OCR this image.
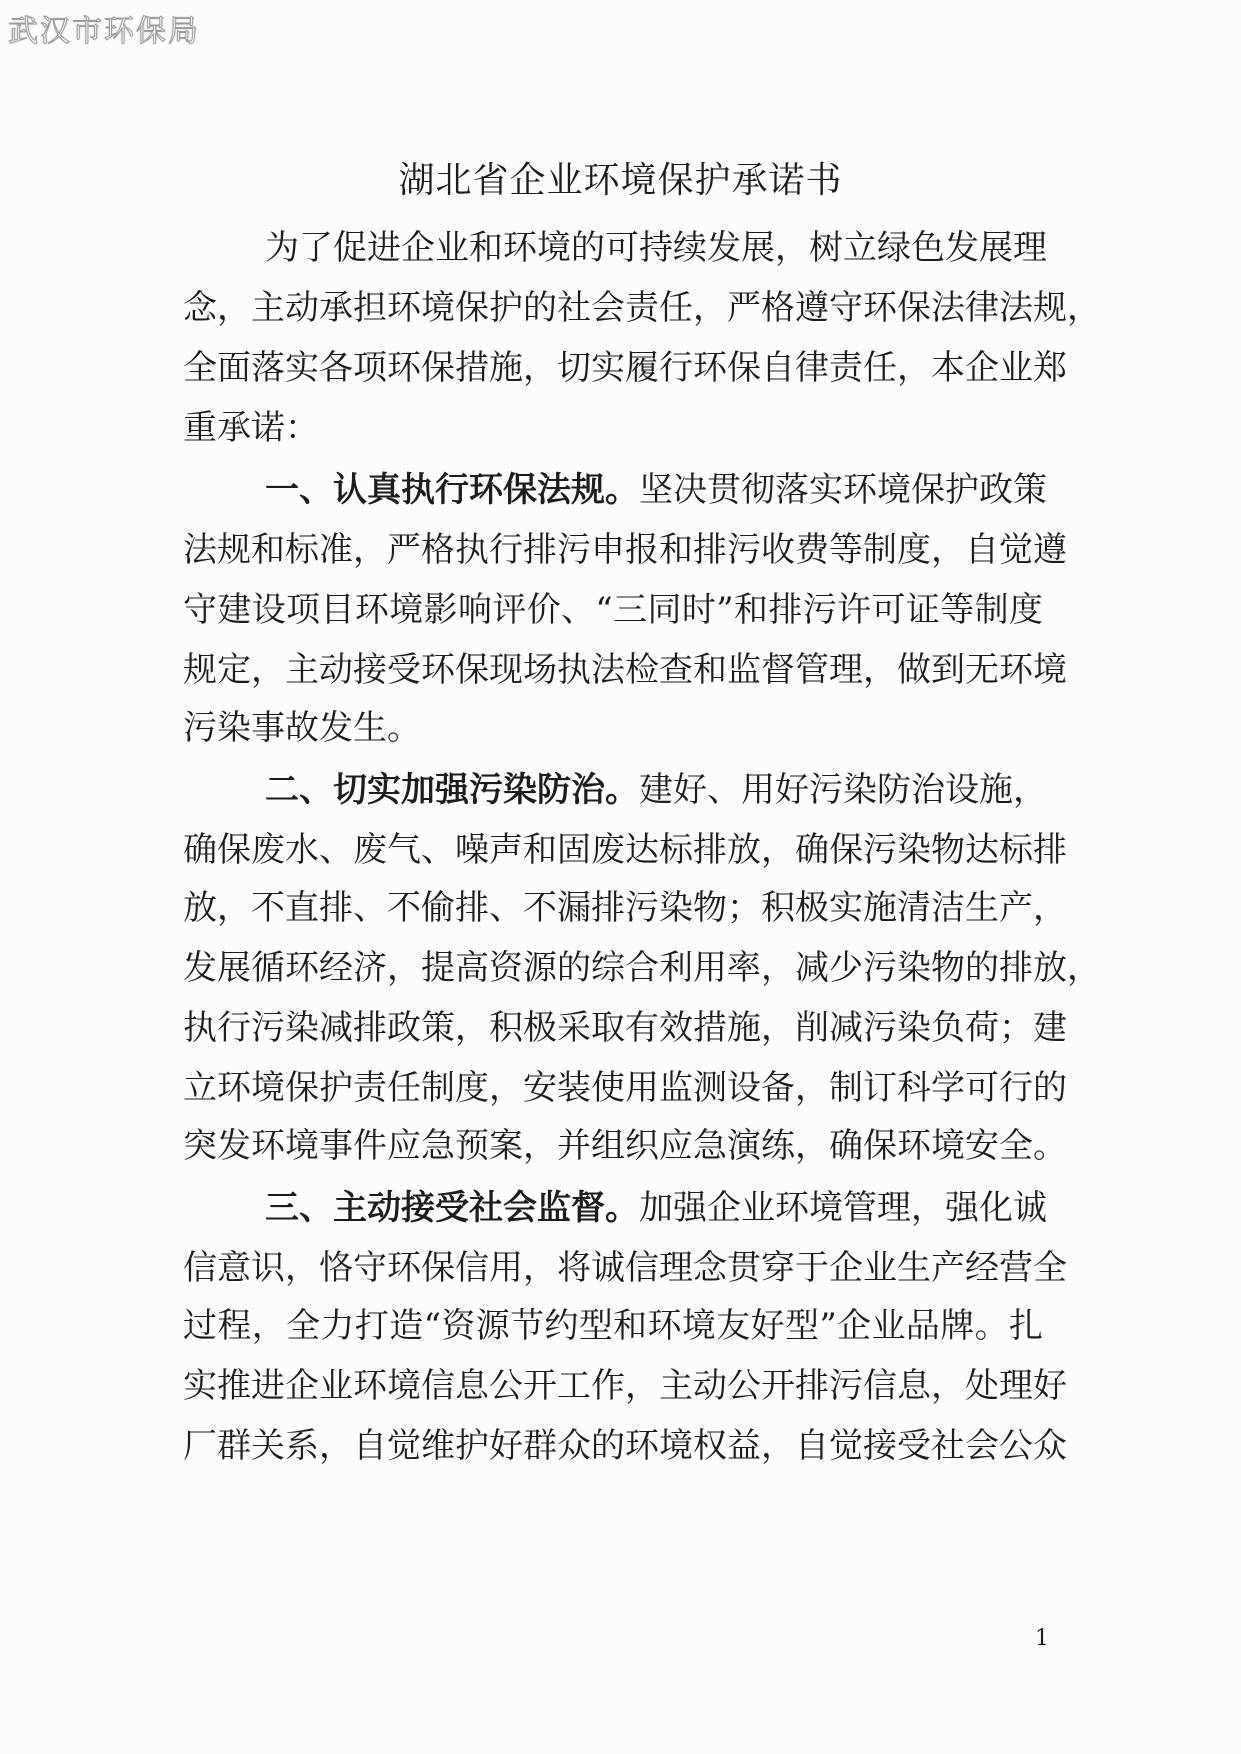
武汉市环保局
湖北省企业环境保护承诺书
为了促进企业和环境的可持续发展，树立绿色发展理
念，主动承担环境保护的社会责任，严格遵守环保法律法规，
全面落实各项环保措施，切实履行环保自律责任，本企业郑
重承诺：
一、认真执行环保法规。坚决贯彻落实环境保护政策
法规和标准，严格执行排污申报和排污收费等制度，自觉遵
守建设项目环境影响评价、“三同时”和排污许可证等制度
规定，主动接受环保现场执法检查和监督管理，做到无环境
污染事故发生。
二、切实加强污染防治。建好、用好污染防治设施，
确保废水、废气、噪声和固废达标排放，确保污染物达标排
放，不直排、不偷排、不漏排污染物；积极实施清洁生产，
发展循环经济，提高资源的综合利用率，减少污染物的排放，
执行污染减排政策，积极采取有效措施，削减污染负荷；建
立环境保护责任制度，安装使用监测设备，制订科学可行的
突发环境事件应急预案，并组织应急演练，确保环境安全。
三、主动接受社会监督。加强企业环境管理，强化诚
信意识，恪守环保信用，将诚信理念贯穿于企业生产经营全
过程，全力打造“资源节约型和环境友好型”企业品牌。扎
实推进企业环境信息公开工作，主动公开排污信息，处理好
厂群关系，自觉维护好群众的环境权益，自觉接受社会公众
1
